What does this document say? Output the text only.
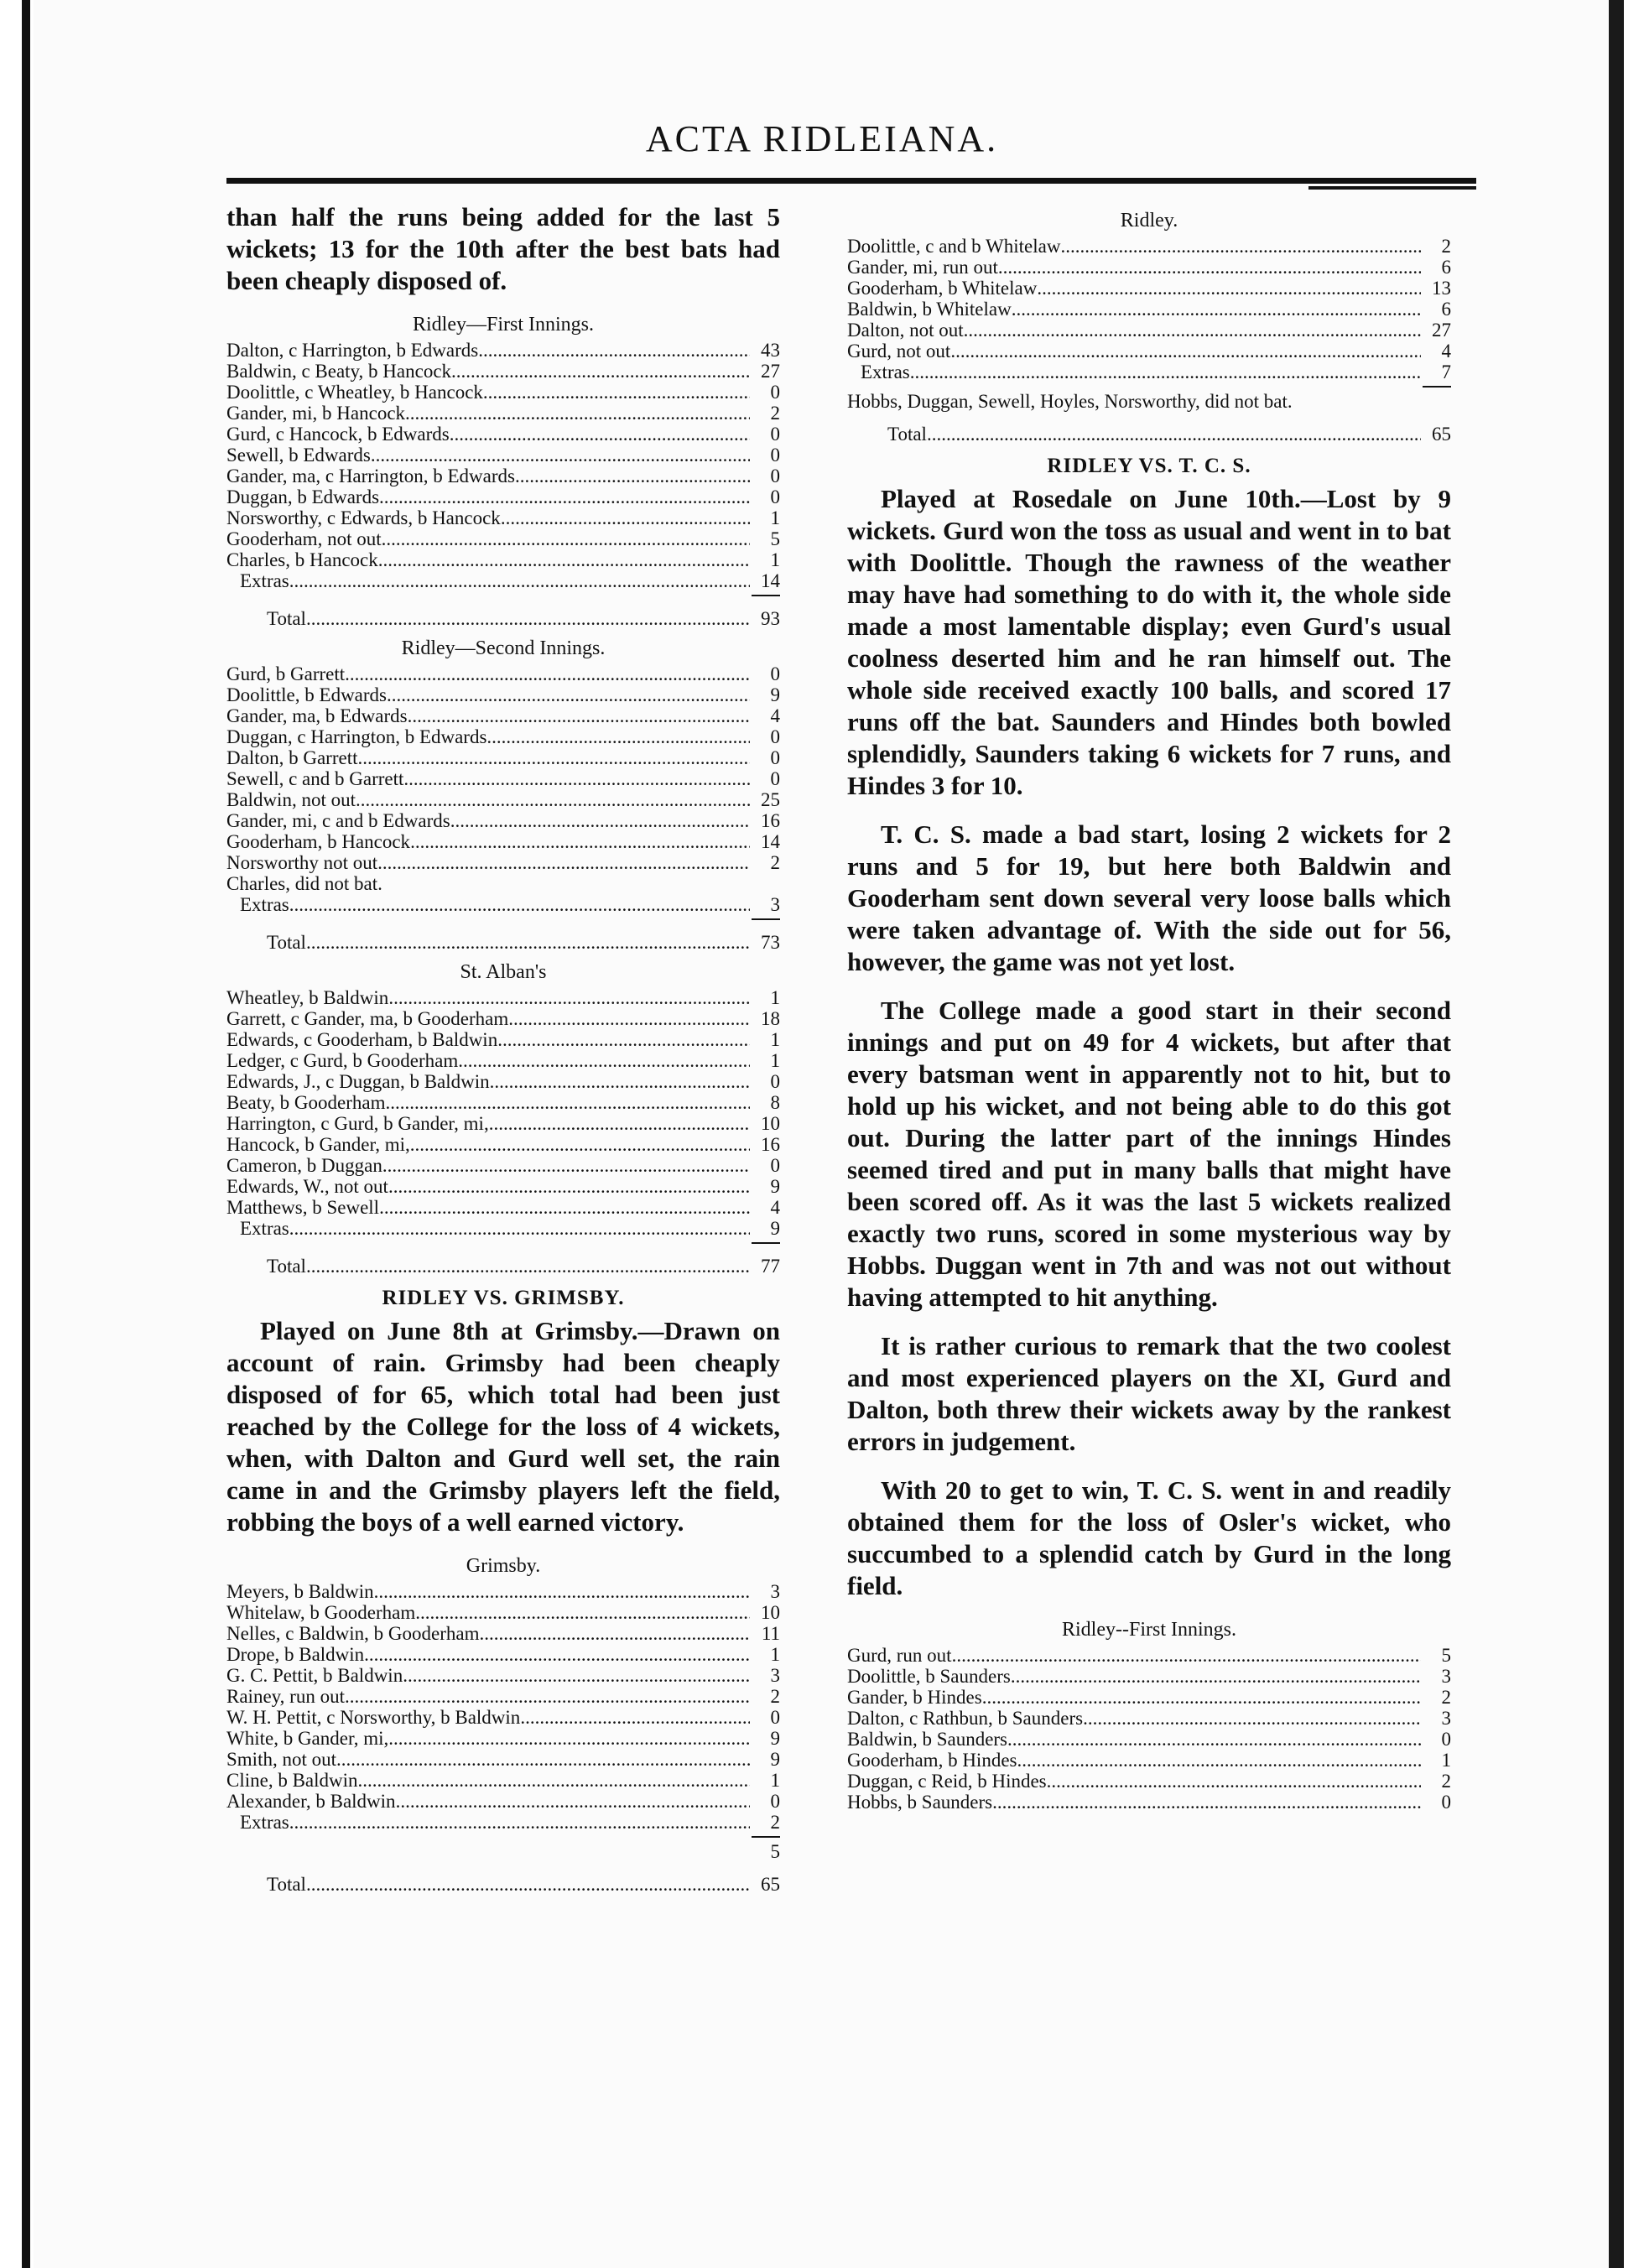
ACTA RIDLEIANA.

than half the runs being added for the last 5 wickets; 13 for the 10th after the best bats had been cheaply disposed of.

Ridley—First Innings.
Dalton, c Harrington, b Edwards .....	43
Baldwin, c Beaty, b Hancock .....	27
Doolittle, c Wheatley, b Hancock .....	0
Gander, mi, b Hancock .....	2
Gurd, c Hancock, b Edwards .....	0
Sewell, b Edwards .....	0
Gander, ma, c Harrington, b Edwards .....	0
Duggan, b Edwards .....	0
Norsworthy, c Edwards, b Hancock .....	1
Gooderham, not out .....	5
Charles, b Hancock .....	1
Extras .....	14
Total .....	93
Ridley—Second Innings.
Gurd, b Garrett .....	0
Doolittle, b Edwards .....	9
Gander, ma, b Edwards .....	4
Duggan, c Harrington, b Edwards .....	0
Dalton, b Garrett .....	0
Sewell, c and b Garrett .....	0
Baldwin, not out .....	25
Gander, mi, c and b Edwards .....	16
Gooderham, b Hancock .....	14
Norsworthy not out .....	2
Charles, did not bat.
Extras .....	3
Total .....	73
St. Alban's
Wheatley, b Baldwin .....	1
Garrett, c Gander, ma, b Gooderham .....	18
Edwards, c Gooderham, b Baldwin .....	1
Ledger, c Gurd, b Gooderham .....	1
Edwards, J., c Duggan, b Baldwin .....	0
Beaty, b Gooderham .....	8
Harrington, c Gurd, b Gander, mi, .....	10
Hancock, b Gander, mi, .....	16
Cameron, b Duggan .....	0
Edwards, W., not out .....	9
Matthews, b Sewell .....	4
Extras .....	9
Total .....	77
RIDLEY VS. GRIMSBY.

Played on June 8th at Grimsby.—Drawn on account of rain. Grimsby had been cheaply disposed of for 65, which total had been just reached by the College for the loss of 4 wickets, when, with Dalton and Gurd well set, the rain came in and the Grimsby players left the field, robbing the boys of a well earned victory.

Grimsby.
Meyers, b Baldwin .....	3
Whitelaw, b Gooderham .....	10
Nelles, c Baldwin, b Gooderham .....	11
Drope, b Baldwin .....	1
G. C. Pettit, b Baldwin .....	3
Rainey, run out .....	2
W. H. Pettit, c Norsworthy, b Baldwin .....	0
White, b Gander, mi, .....	9
Smith, not out .....	9
Cline, b Baldwin .....	1
Alexander, b Baldwin .....	0
Extras .....	2
5
Total .....	65
Ridley.
Doolittle, c and b Whitelaw .....	2
Gander, mi, run out .....	6
Gooderham, b Whitelaw .....	13
Baldwin, b Whitelaw .....	6
Dalton, not out .....	27
Gurd, not out .....	4
Extras .....	7
Hobbs, Duggan, Sewell, Hoyles, Norsworthy, did not bat.
Total .....	65
RIDLEY VS. T. C. S.

Played at Rosedale on June 10th.—Lost by 9 wickets. Gurd won the toss as usual and went in to bat with Doolittle. Though the rawness of the weather may have had something to do with it, the whole side made a most lamentable display; even Gurd's usual coolness deserted him and he ran himself out. The whole side received exactly 100 balls, and scored 17 runs off the bat. Saunders and Hindes both bowled splendidly, Saunders taking 6 wickets for 7 runs, and Hindes 3 for 10.

T. C. S. made a bad start, losing 2 wickets for 2 runs and 5 for 19, but here both Baldwin and Gooderham sent down several very loose balls which were taken advantage of. With the side out for 56, however, the game was not yet lost.

The College made a good start in their second innings and put on 49 for 4 wickets, but after that every batsman went in apparently not to hit, but to hold up his wicket, and not being able to do this got out. During the latter part of the innings Hindes seemed tired and put in many balls that might have been scored off. As it was the last 5 wickets realized exactly two runs, scored in some mysterious way by Hobbs. Duggan went in 7th and was not out without having attempted to hit anything.

It is rather curious to remark that the two coolest and most experienced players on the XI, Gurd and Dalton, both threw their wickets away by the rankest errors in judgement.

With 20 to get to win, T. C. S. went in and readily obtained them for the loss of Osler's wicket, who succumbed to a splendid catch by Gurd in the long field.

Ridley--First Innings.
Gurd, run out .....	5
Doolittle, b Saunders .....	3
Gander, b Hindes .....	2
Dalton, c Rathbun, b Saunders .....	3
Baldwin, b Saunders .....	0
Gooderham, b Hindes .....	1
Duggan, c Reid, b Hindes .....	2
Hobbs, b Saunders .....	0
